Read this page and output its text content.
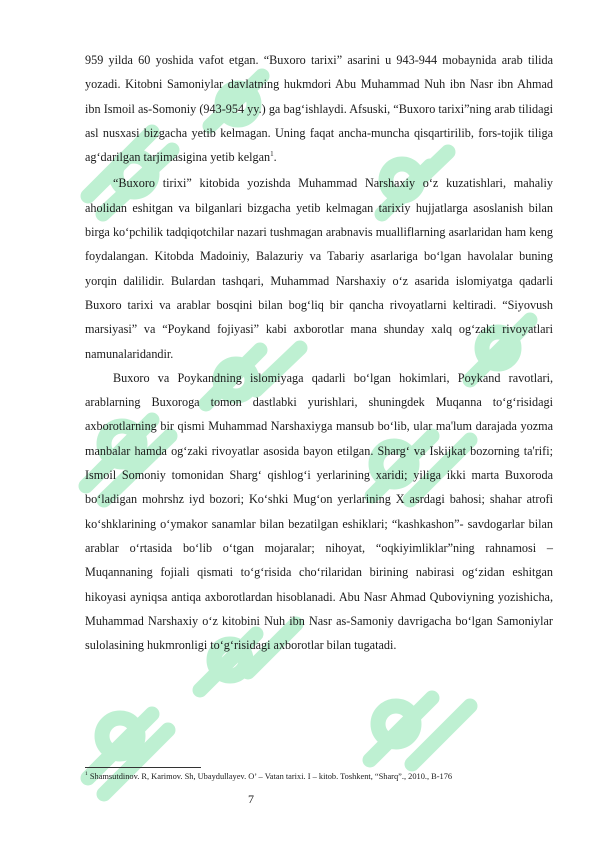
959 yilda 60 yoshida vafot etgan. “Buxoro tarixi” asarini u 943-944 mobaynida arab tilida yozadi. Kitobni Samoniylar davlatning hukmdori Abu Muhammad Nuh ibn Nasr ibn Ahmad ibn Ismoil as-Somoniy (943-954 yy.) ga bag‘ishlaydi. Afsuski, “Buxoro tarixi”ning arab tilidagi asl nusxasi bizgacha yetib kelmagan. Uning faqat ancha-muncha qisqartirilib, fors-tojik tiliga ag‘darilgan tarjimasigina yetib kelgan$^1$.

“Buxoro tirixi” kitobida yozishda Muhammad Narshaxiy o‘z kuzatishlari, mahaliy aholidan eshitgan va bilganlari bizgacha yetib kelmagan tarixiy hujjatlarga asoslanish bilan birga ko‘pchilik tadqiqotchilar nazari tushmagan arabnavis mualliflarning asarlaridan ham keng foydalangan. Kitobda Madoiniy, Balazuriy va Tabariy asarlariga bo‘lgan havolalar buning yorqin dalilidir. Bulardan tashqari, Muhammad Narshaxiy o‘z asarida islomiyatga qadarli Buxoro tarixi va arablar bosqini bilan bog‘liq bir qancha rivoyatlarni keltiradi. “Siyovush marsiyasi” va “Poykand fojiyasi” kabi axborotlar mana shunday xalq og‘zaki rivoyatlari namunalaridandir.

Buxoro va Poykandning islomiyaga qadarli bo‘lgan hokimlari, Poykand ravotlari, arablarning Buxoroga tomon dastlabki yurishlari, shuningdek Muqanna to‘g‘risidagi axborotlarning bir qismi Muhammad Narshaxiyga mansub bo‘lib, ular ma'lum darajada yozma manbalar hamda og‘zaki rivoyatlar asosida bayon etilgan. Sharg‘ va Iskijkat bozorning ta'rifi; Ismoil Somoniy tomonidan Sharg‘ qishlog‘i yerlarining xaridi; yiliga ikki marta Buxoroda bo‘ladigan mohrshz iyd bozori; Ko‘shki Mug‘on yerlarining X asrdagi bahosi; shahar atrofi ko‘shklarining o‘ymakor sanamlar bilan bezatilgan eshiklari; “kashkashon”- savdogarlar bilan arablar o‘rtasida bo‘lib o‘tgan mojaralar; nihoyat, “oqkiyimliklar”ning rahnamosi – Muqannaning fojiali qismati to‘g‘risida cho‘rilaridan birining nabirasi og‘zidan eshitgan hikoyasi ayniqsa antiqa axborotlardan hisoblanadi. Abu Nasr Ahmad Quboviyning yozishicha, Muhammad Narshaxiy o‘z kitobini Nuh ibn Nasr as-Samoniy davrigacha bo‘lgan Samoniylar sulolasining hukmronligi to‘g‘risidagi axborotlar bilan tugatadi.

$^1$ Shamsutdinov. R, Karimov. Sh, Ubaydullayev. O’ – Vatan tarixi. I – kitob. Toshkent, “Sharq”., 2010., B-176
7
